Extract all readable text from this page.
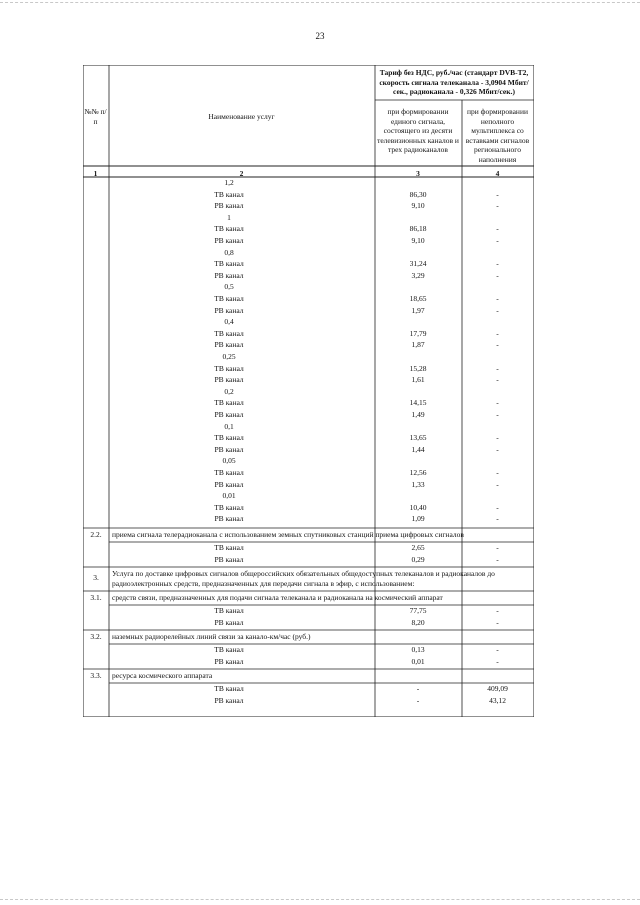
23
№№ п/п	Наименование услуг
Тариф без НДС, руб./час (стандарт DVB-T2, скорость сигнала телеканала - 3,0904 Мбит/сек., радиоканала - 0,326 Мбит/сек.)
при формировании единого сигнала, состоящего из десяти телевизионных каналов и трех радиоканалов
при формировании неполного мультиплекса со вставками сигналов регионального наполнения
1	2	3	4
1,2
ТВ канал	86,30	-
РВ канал	9,10	-
1
ТВ канал	86,18	-
РВ канал	9,10	-
0,8
ТВ канал	31,24	-
РВ канал	3,29	-
0,5
ТВ канал	18,65	-
РВ канал	1,97	-
0,4
ТВ канал	17,79	-
РВ канал	1,87	-
0,25
ТВ канал	15,28	-
РВ канал	1,61	-
0,2
ТВ канал	14,15	-
РВ канал	1,49	-
0,1
ТВ канал	13,65	-
РВ канал	1,44	-
0,05
ТВ канал	12,56	-
РВ канал	1,33	-
0,01
ТВ канал	10,40	-
РВ канал	1,09	-
2.2.	приема сигнала телерадиоканала с использованием земных спутниковых станций приема цифровых сигналов
ТВ канал	2,65	-
РВ канал	0,29	-
3.	Услуга по доставке цифровых сигналов общероссийских обязательных общедоступных телеканалов и радиоканалов до радиоэлектронных средств, предназначенных для передачи сигнала в эфир, с использованием:
3.1.	средств связи, предназначенных для подачи сигнала телеканала и радиоканала на космический аппарат
ТВ канал	77,75	-
РВ канал	8,20	-
3.2.	наземных радиорелейных линий связи за канало-км/час (руб.)
ТВ канал	0,13	-
РВ канал	0,01	-
3.3.	ресурса космического аппарата
ТВ канал	-	409,09
РВ канал	-	43,12
